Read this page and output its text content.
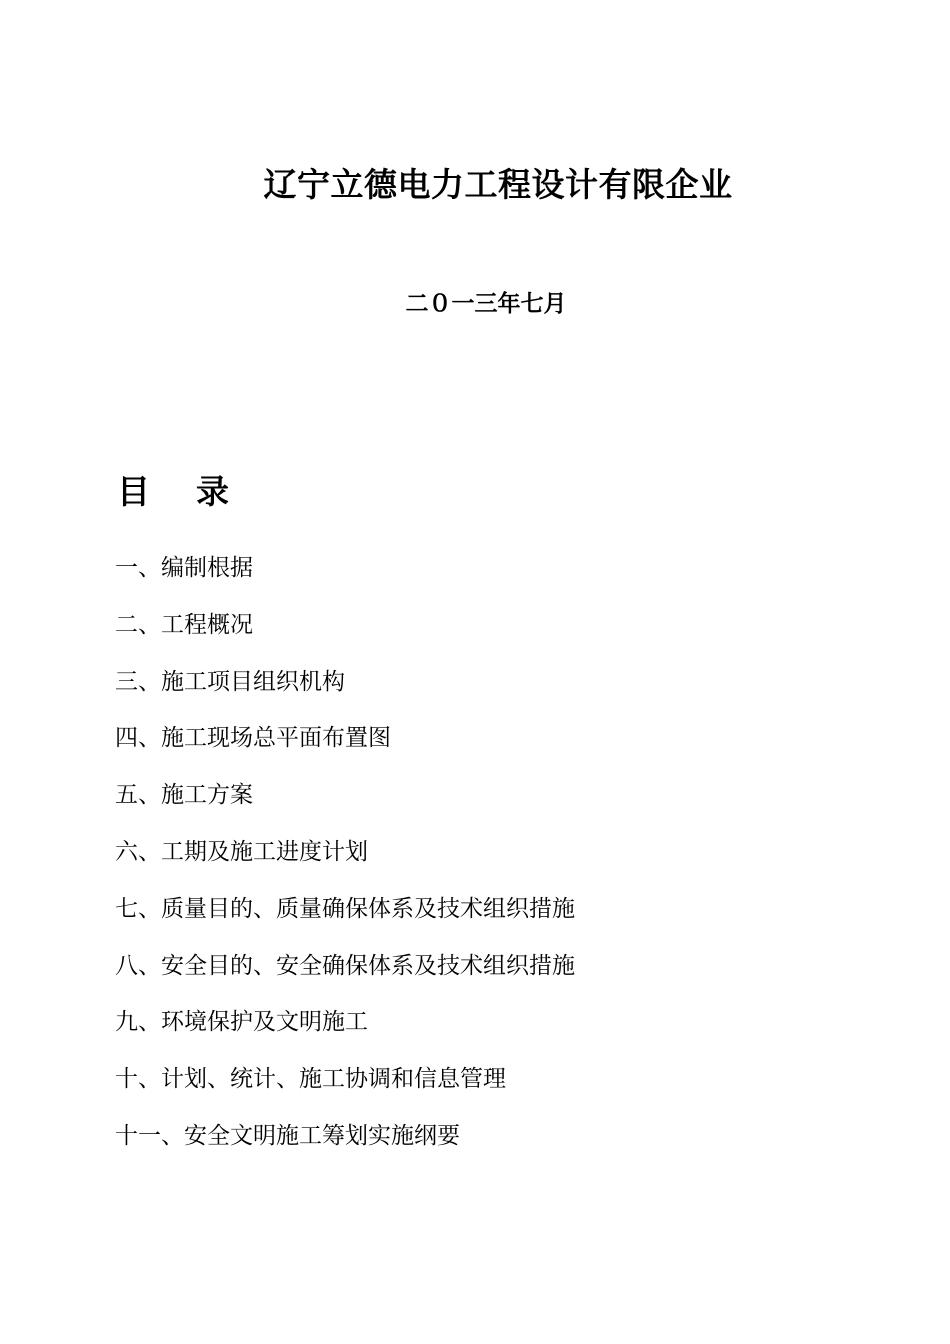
辽宁立德电力工程设计有限企业
二０一三年七月
目    录
一、编制根据
二、工程概况
三、施工项目组织机构
四、施工现场总平面布置图
五、施工方案
六、工期及施工进度计划
七、质量目的、质量确保体系及技术组织措施
八、安全目的、安全确保体系及技术组织措施
九、环境保护及文明施工
十、计划、统计、施工协调和信息管理
十一、安全文明施工筹划实施纲要
